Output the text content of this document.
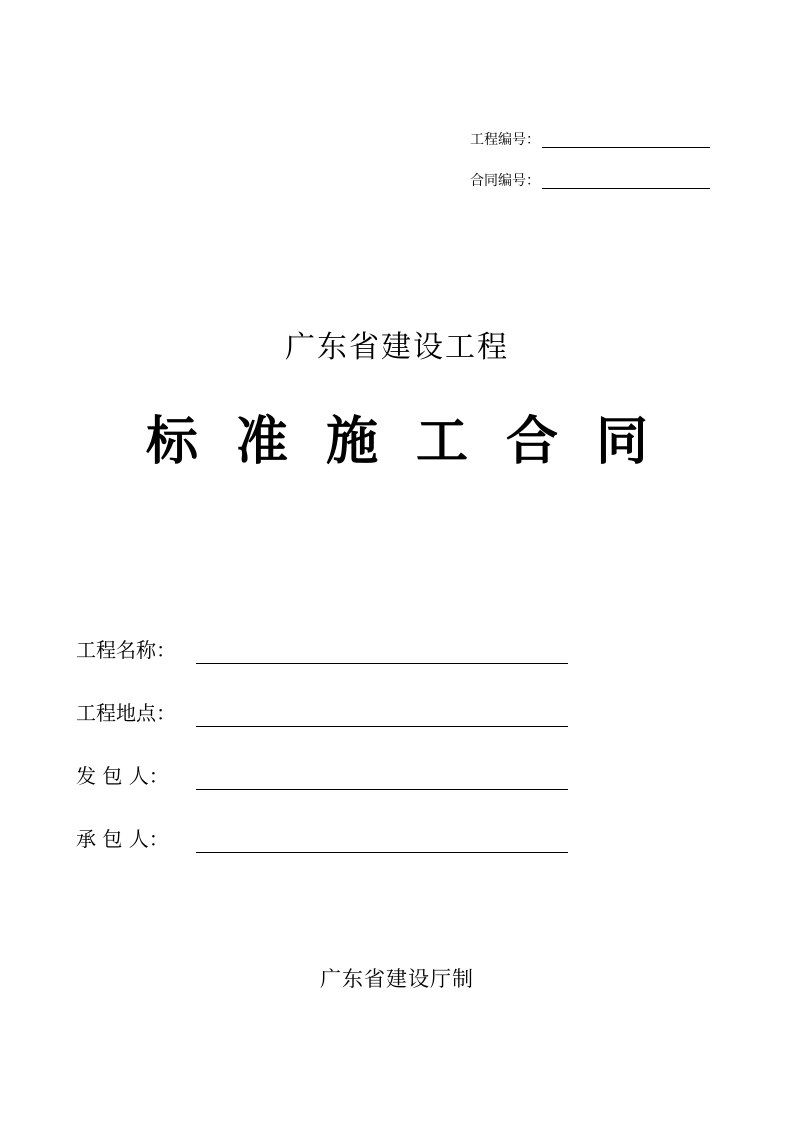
工程编号：
合同编号：
广东省建设工程
标准施工合同
工程名称：
工程地点：
发 包 人：
承 包 人：
广东省建设厅制
